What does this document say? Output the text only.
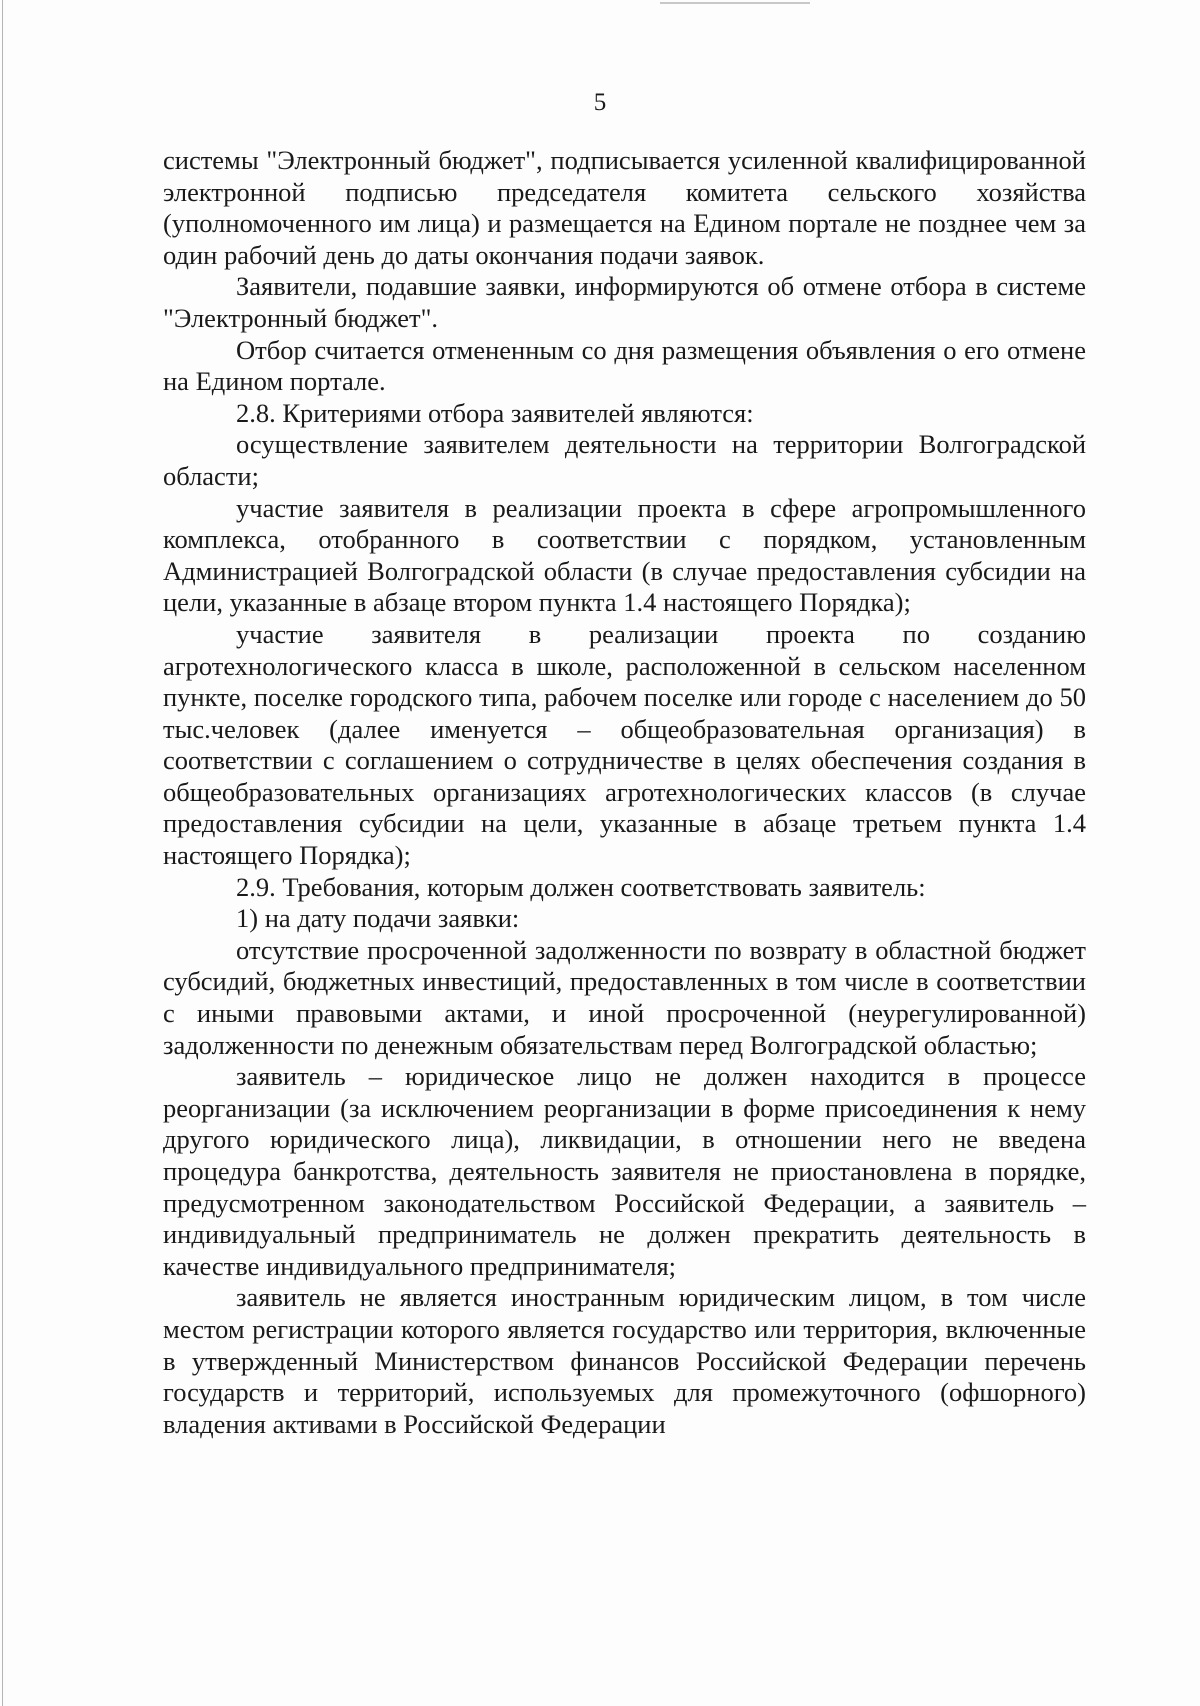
5

системы "Электронный бюджет", подписывается усиленной квалифицированной электронной подписью председателя комитета сельского хозяйства (уполномоченного им лица) и размещается на Едином портале не позднее чем за один рабочий день до даты окончания подачи заявок.

Заявители, подавшие заявки, информируются об отмене отбора в системе "Электронный бюджет".

Отбор считается отмененным со дня размещения объявления о его отмене на Едином портале.

2.8. Критериями отбора заявителей являются:

осуществление заявителем деятельности на территории Волгоградской области;

участие заявителя в реализации проекта в сфере агропромышленного комплекса, отобранного в соответствии с порядком, установленным Администрацией Волгоградской области (в случае предоставления субсидии на цели, указанные в абзаце втором пункта 1.4 настоящего Порядка);

участие заявителя в реализации проекта по созданию агротехнологического класса в школе, расположенной в сельском населенном пункте, поселке городского типа, рабочем поселке или городе с населением до 50 тыс.человек (далее именуется – общеобразовательная организация) в соответствии с соглашением о сотрудничестве в целях обеспечения создания в общеобразовательных организациях агротехнологических классов (в случае предоставления субсидии на цели, указанные в абзаце третьем пункта 1.4 настоящего Порядка);

2.9. Требования, которым должен соответствовать заявитель:

1) на дату подачи заявки:

отсутствие просроченной задолженности по возврату в областной бюджет субсидий, бюджетных инвестиций, предоставленных в том числе в соответствии с иными правовыми актами, и иной просроченной (неурегулированной) задолженности по денежным обязательствам перед Волгоградской областью;

заявитель – юридическое лицо не должен находится в процессе реорганизации (за исключением реорганизации в форме присоединения к нему другого юридического лица), ликвидации, в отношении него не введена процедура банкротства, деятельность заявителя не приостановлена в порядке, предусмотренном законодательством Российской Федерации, а заявитель – индивидуальный предприниматель не должен прекратить деятельность в качестве индивидуального предпринимателя;

заявитель не является иностранным юридическим лицом, в том числе местом регистрации которого является государство или территория, включенные в утвержденный Министерством финансов Российской Федерации перечень государств и территорий, используемых для промежуточного (офшорного) владения активами в Российской Федерации
